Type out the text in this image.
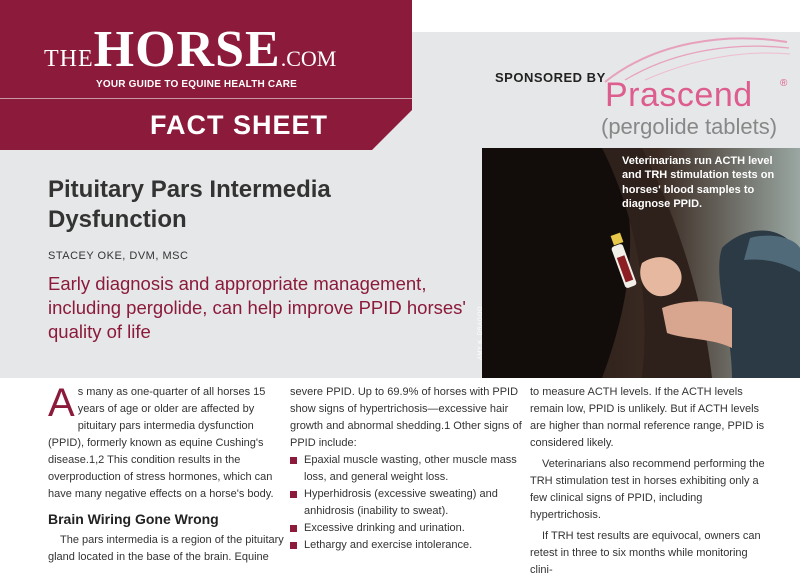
THEHORSE.COM
YOUR GUIDE TO EQUINE HEALTH CARE
FACT SHEET
SPONSORED BY Prascend	®
(pergolide tablets)
Veterinarians run ACTH level and TRH stimulation tests on horses' blood samples to diagnose PPID.
AMY K. DRAGOO
Pituitary Pars Intermedia Dysfunction
STACEY OKE, DVM, MSC
Early diagnosis and appropriate management, including pergolide, can help improve PPID horses' quality of life

As many as one-quarter of all horses 15 years of age or older are affected by pituitary pars intermedia dysfunction (PPID), formerly known as equine Cushing's disease.1,2 This condition results in the overproduction of stress hormones, which can have many negative effects on a horse's body.

Brain Wiring Gone Wrong

The pars intermedia is a region of the pituitary gland located in the base of the brain. Equine

severe PPID. Up to 69.9% of horses with PPID show signs of hypertrichosis—excessive hair growth and abnormal shedding.1 Other signs of PPID include:

Epaxial muscle wasting, other muscle mass loss, and general weight loss.
Hyperhidrosis (excessive sweating) and anhidrosis (inability to sweat).
Excessive drinking and urination.
Lethargy and exercise intolerance.

to measure ACTH levels. If the ACTH levels remain low, PPID is unlikely. But if ACTH levels are higher than normal reference range, PPID is considered likely.

Veterinarians also recommend performing the TRH stimulation test in horses exhibiting only a few clinical signs of PPID, including hypertrichosis.

If TRH test results are equivocal, owners can retest in three to six months while monitoring clini-
